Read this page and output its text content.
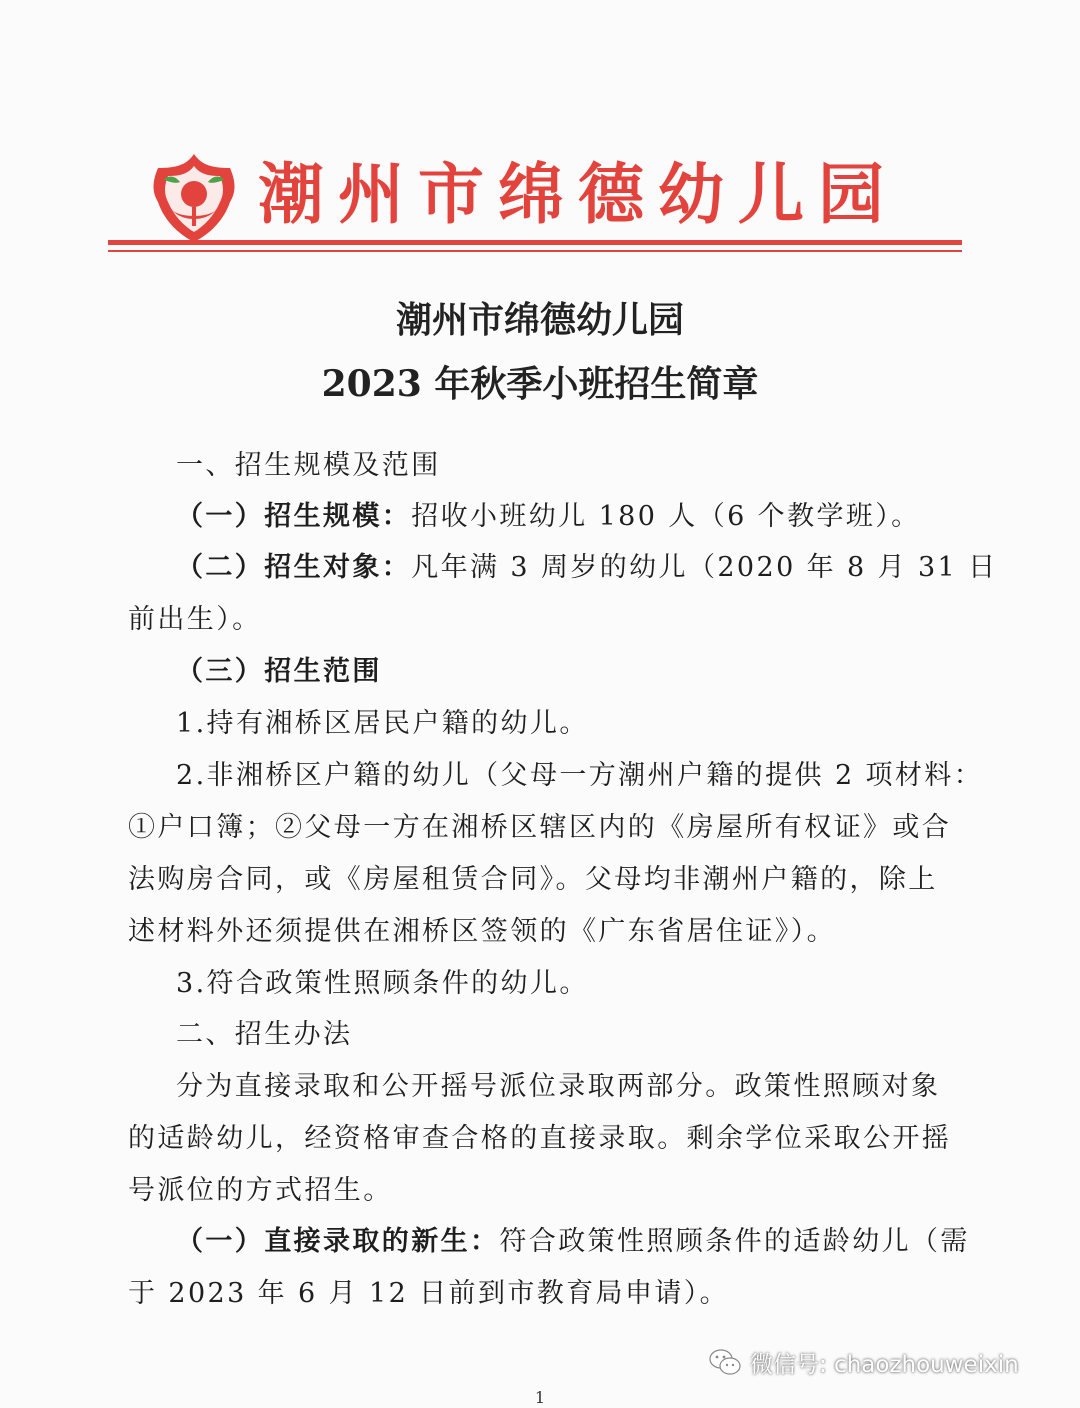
潮州市绵德幼儿园
潮州市绵德幼儿园
2023 年秋季小班招生简章
一、招生规模及范围
（一）招生规模：招收小班幼儿 180 人（6 个教学班）。
（二）招生对象：凡年满 3 周岁的幼儿（2020 年 8 月 31 日
前出生）。
（三）招生范围
1.持有湘桥区居民户籍的幼儿。
2.非湘桥区户籍的幼儿（父母一方潮州户籍的提供 2 项材料：
①户口簿；②父母一方在湘桥区辖区内的《房屋所有权证》或合
法购房合同，或《房屋租赁合同》。父母均非潮州户籍的，除上
述材料外还须提供在湘桥区签领的《广东省居住证》）。
3.符合政策性照顾条件的幼儿。
二、招生办法
分为直接录取和公开摇号派位录取两部分。政策性照顾对象
的适龄幼儿，经资格审查合格的直接录取。剩余学位采取公开摇
号派位的方式招生。
（一）直接录取的新生：符合政策性照顾条件的适龄幼儿（需
于 2023 年 6 月 12 日前到市教育局申请）。
微信号: chaozhouweixin
1
